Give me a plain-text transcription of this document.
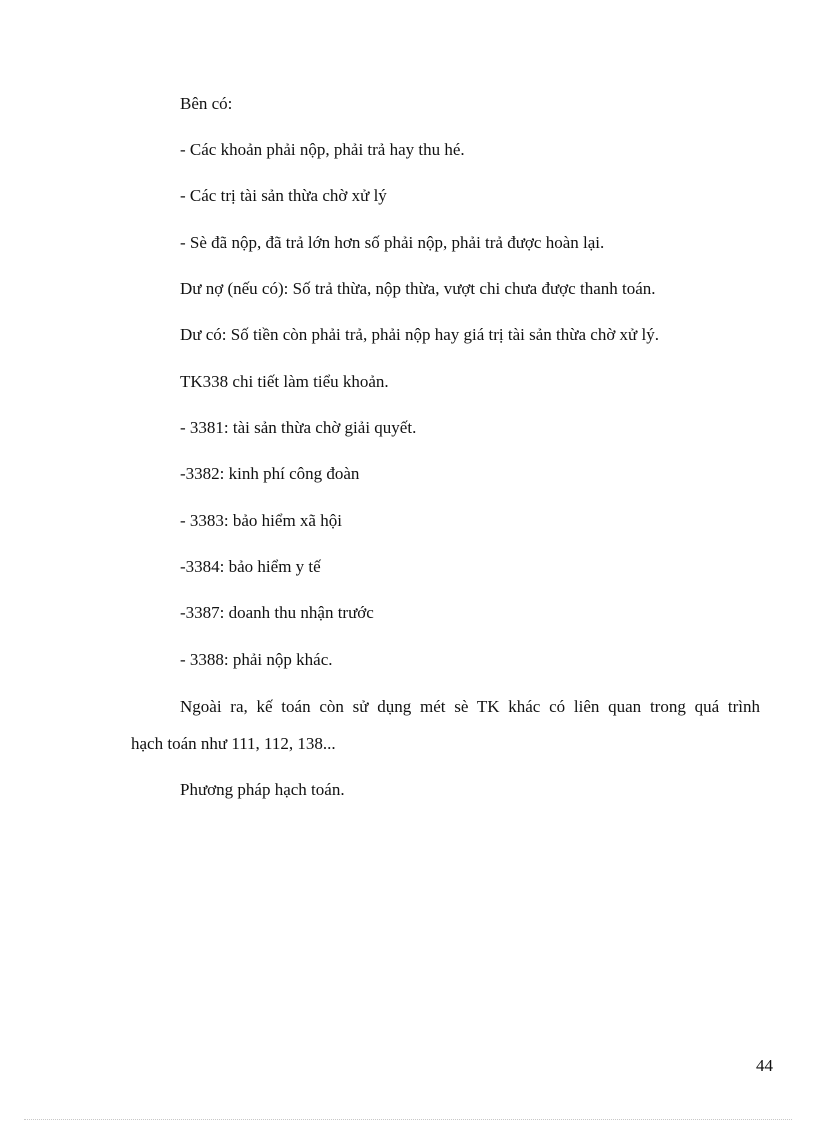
Bên có:
- Các khoản phải nộp, phải trả hay thu hé.
- Các trị tài sản thừa chờ xử lý
- Sè đã nộp, đã trả lớn hơn số phải nộp, phải trả được hoàn lại.
Dư nợ (nếu có): Số trả thừa, nộp thừa, vượt chi chưa được thanh toán.
Dư có: Số tiền còn phải trả, phải nộp hay giá trị tài sản thừa chờ xử lý.
TK338 chi tiết làm tiểu khoản.
- 3381: tài sản thừa chờ giải quyết.
-3382: kinh phí công đoàn
- 3383: bảo hiểm xã hội
-3384: bảo hiểm y tế
-3387: doanh thu nhận trước
- 3388: phải nộp khác.
Ngoài ra, kế toán còn sử dụng mét sè TK khác có liên quan trong quá trình
hạch toán như 111, 112, 138...
Phương pháp hạch toán.
44
